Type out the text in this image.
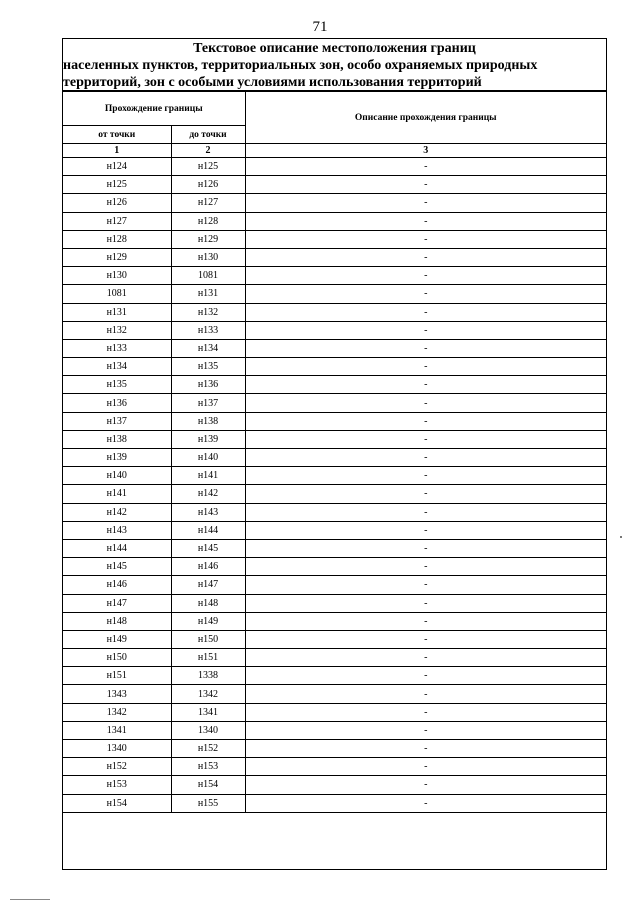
71
Текстовое описание местоположения границ
населенных пунктов, территориальных зон, особо охраняемых природных
территорий, зон с особыми условиями использования территорий
Прохождение границы		Описание прохождения границы
от точки	до точки	
1	2	3
н124	н125	-
н125	н126	-
н126	н127	-
н127	н128	-
н128	н129	-
н129	н130	-
н130	1081	-
1081	н131	-
н131	н132	-
н132	н133	-
н133	н134	-
н134	н135	-
н135	н136	-
н136	н137	-
н137	н138	-
н138	н139	-
н139	н140	-
н140	н141	-
н141	н142	-
н142	н143	-
н143	н144	-
н144	н145	-
н145	н146	-
н146	н147	-
н147	н148	-
н148	н149	-
н149	н150	-
н150	н151	-
н151	1338	-
1343	1342	-
1342	1341	-
1341	1340	-
1340	н152	-
н152	н153	-
н153	н154	-
н154	н155	-
